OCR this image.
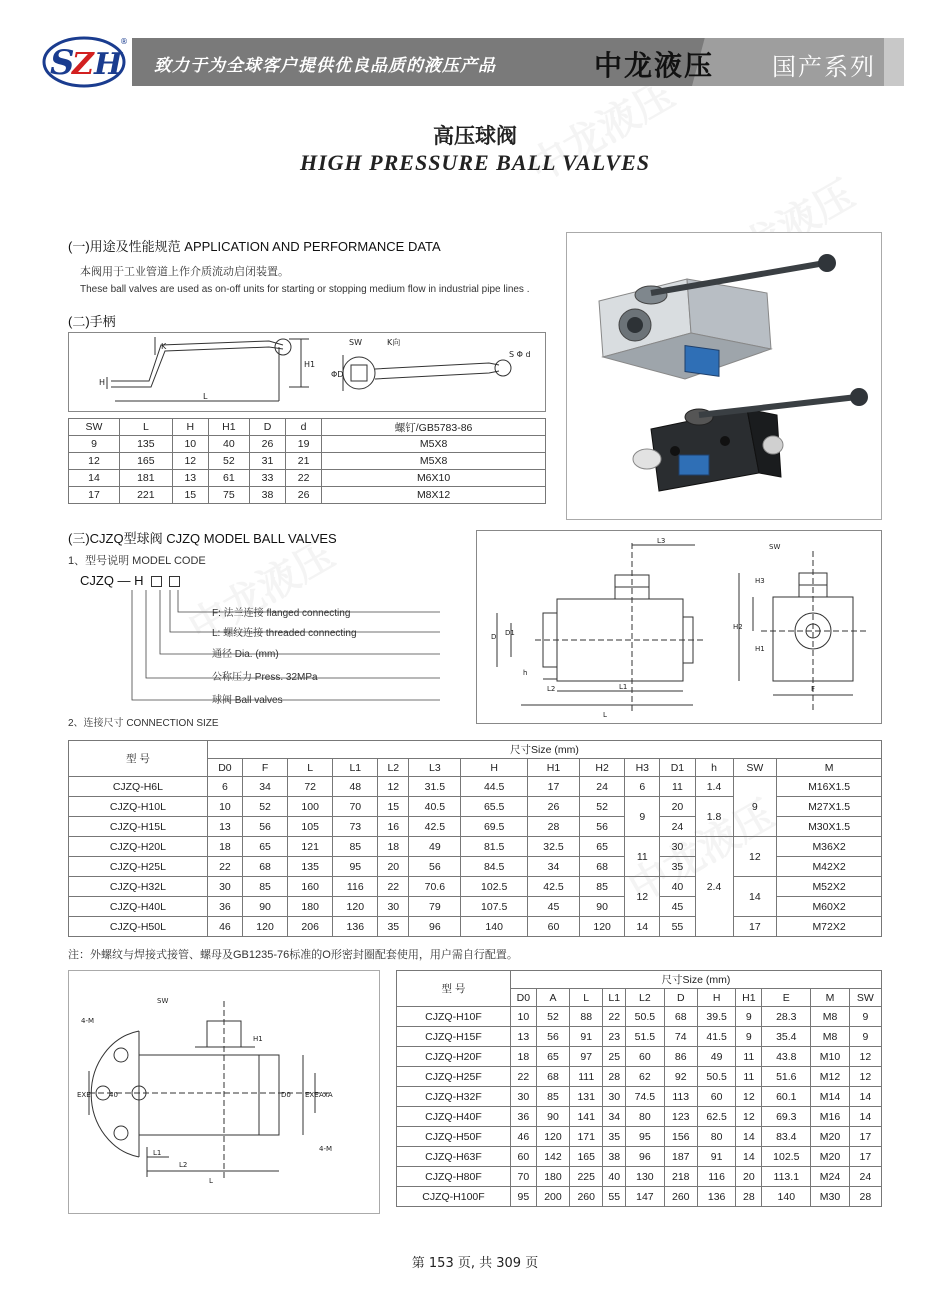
S
Z H
®
致力于为全球客户提供优良品质的液压产品	中龙液压 国产系列
高压球阀
HIGH PRESSURE BALL VALVES
(一)用途及性能规范 APPLICATION AND PERFORMANCE DATA
本阀用于工业管道上作介质流动启闭装置。
These ball valves are used as on-off units for starting or stopping medium flow in industrial pipe lines .
(二)手柄
K
H
H1
L
SW	K向
ΦD
S Φ d
SW	L	H	H1	D	d	螺钉/GB5783-86
9	135	10	40	26	19	M5X8
12	165	12	52	31	21	M5X8
14	181	13	61	33	22	M6X10
17	221	15	75	38	26	M8X12
(三)CJZQ型球阀 CJZQ MODEL BALL VALVES
1、型号说明 MODEL CODE
CJZQ — H
F: 法兰连接 flanged connecting
L: 螺纹连接 threaded connecting
通径 Dia. (mm)
公称压力 Press. 32MPa
球阀 Ball valves
2、连接尺寸 CONNECTION SIZE
L3
SW
H3
H2
H1
D D1
h
L2	L1
L
F
型 号	尺寸Size (mm)													
	D0	F	L	L1	L2	L3	H	H1	H2	H3	D1	h	SW	M
CJZQ-H6L	6	34	72	48	12	31.5	44.5	17	24	6	11	1.4	9	M16X1.5
CJZQ-H10L	10	52	100	70	15	40.5	65.5	26	52	9	20	1.8		M27X1.5
CJZQ-H15L	13	56	105	73	16	42.5	69.5	28	56		24			M30X1.5
CJZQ-H20L	18	65	121	85	18	49	81.5	32.5	65	11	30	2.4	12	M36X2
CJZQ-H25L	22	68	135	95	20	56	84.5	34	68		35			M42X2
CJZQ-H32L	30	85	160	116	22	70.6	102.5	42.5	85	12	40		14	M52X2
CJZQ-H40L	36	90	180	120	30	79	107.5	45	90		45			M60X2
CJZQ-H50L	46	120	206	136	35	96	140	60	120	14	55		17	M72X2
注：外螺纹与焊接式接管、螺母及GB1235-76标准的O形密封圈配套使用，用户需自行配置。
SW
4-M
4-M
EXE	EXE
D0	AxA
L1
L2
L
H1
40
型 号	尺寸Size (mm)										
	D0	A	L	L1	L2	D	H	H1	E	M	SW
CJZQ-H10F	10	52	88	22	50.5	68	39.5	9	28.3	M8	9
CJZQ-H15F	13	56	91	23	51.5	74	41.5	9	35.4	M8	9
CJZQ-H20F	18	65	97	25	60	86	49	11	43.8	M10	12
CJZQ-H25F	22	68	111	28	62	92	50.5	11	51.6	M12	12
CJZQ-H32F	30	85	131	30	74.5	113	60	12	60.1	M14	14
CJZQ-H40F	36	90	141	34	80	123	62.5	12	69.3	M16	14
CJZQ-H50F	46	120	171	35	95	156	80	14	83.4	M20	17
CJZQ-H63F	60	142	165	38	96	187	91	14	102.5	M20	17
CJZQ-H80F	70	180	225	40	130	218	116	20	113.1	M24	24
CJZQ-H100F	95	200	260	55	147	260	136	28	140	M30	28
第 153 页, 共 309 页
